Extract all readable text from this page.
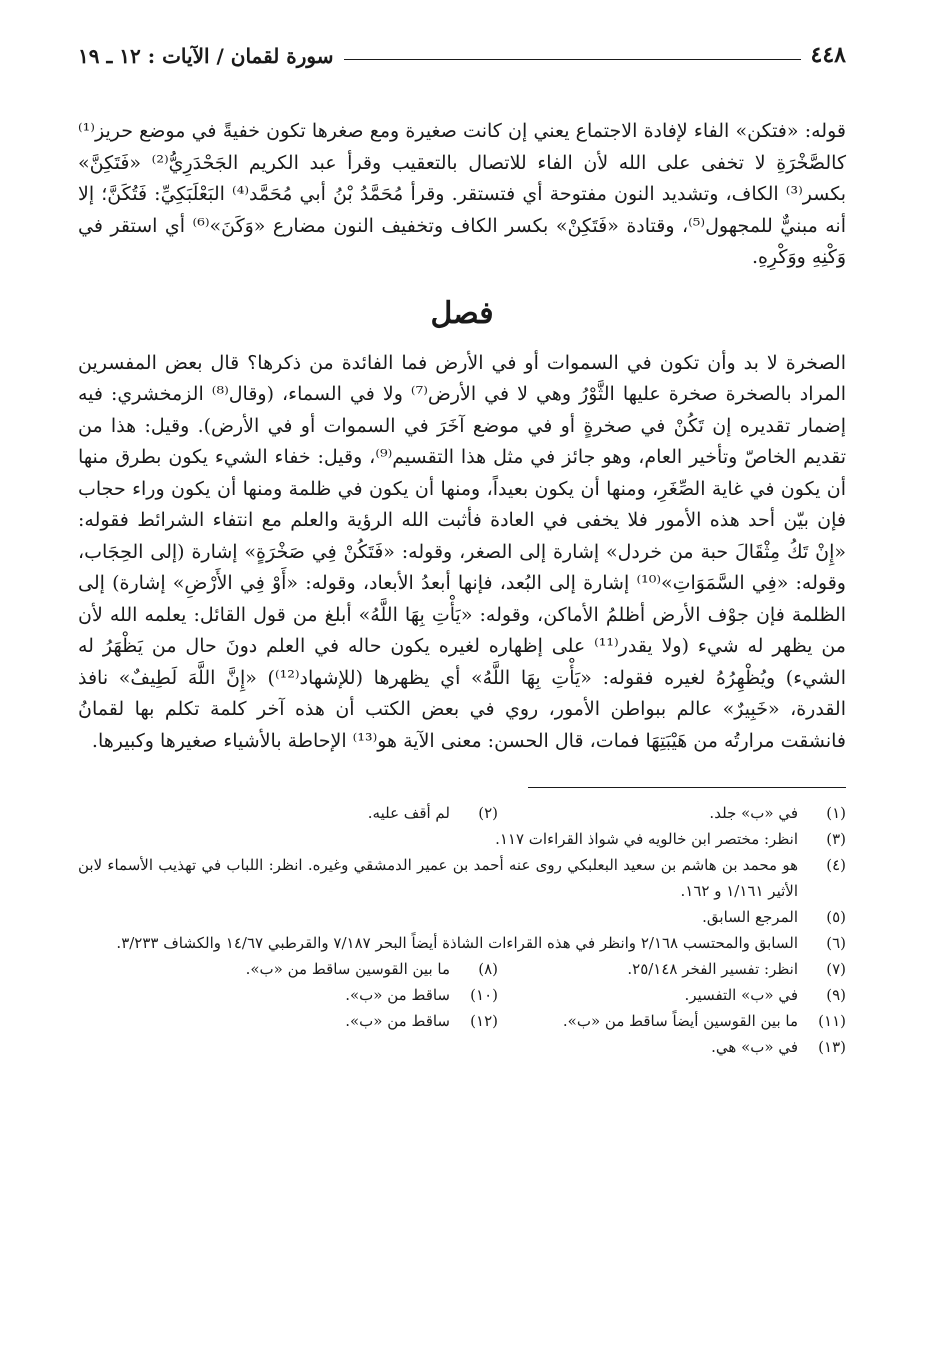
٤٤٨
سورة لقمان / الآيات : ١٢ ـ ١٩

قوله: «فتكن» الفاء لإفادة الاجتماع يعني إن كانت صغيرة ومع صغرها تكون خفيةً في موضع حريز⁽¹⁾ كالصَّخْرَةِ لا تخفى على الله لأن الفاء للاتصال بالتعقيب وقرأ عبد الكريم الجَحْدَرِيُّ⁽²⁾ «فَتَكِنَّ» بكسر⁽³⁾ الكاف، وتشديد النون مفتوحة أي فتستقر. وقرأ مُحَمَّدُ بْنُ أبي مُحَمَّد⁽⁴⁾ البَعْلَبَكِيِّ: فَتُكَنَّ؛ إلا أنه مبنيٌّ للمجهول⁽⁵⁾، وقتادة «فَتَكِنْ» بكسر الكاف وتخفيف النون مضارع «وَكَنَ»⁽⁶⁾ أي استقر في وَكْنِهِ ووَكْرِهِ.

فصل

الصخرة لا بد وأن تكون في السموات أو في الأرض فما الفائدة من ذكرها؟ قال بعض المفسرين المراد بالصخرة صخرة عليها الثَّوْرُ وهي لا في الأرض⁽⁷⁾ ولا في السماء، (وقال⁽⁸⁾ الزمخشري: فيه إضمار تقديره إن تَكُنْ في صخرةٍ أو في موضع آخَرَ في السموات أو في الأرض). وقيل: هذا من تقديم الخاصّ وتأخير العام، وهو جائز في مثل هذا التقسيم⁽⁹⁾، وقيل: خفاء الشيء يكون بطرق منها أن يكون في غاية الصِّغَرِ، ومنها أن يكون بعيداً، ومنها أن يكون في ظلمة ومنها أن يكون وراء حجاب فإن بيّن أحد هذه الأمور فلا يخفى في العادة فأثبت الله الرؤية والعلم مع انتفاء الشرائط فقوله: «إِنْ تَكُ مِثْقَالَ حبة من خردل» إشارة إلى الصغر، وقوله: «فَتَكُنْ فِي صَخْرَةٍ» إشارة (إلى الحِجَاب، وقوله: «فِي السَّمَوَاتِ»⁽¹⁰⁾ إشارة إلى البُعد، فإنها أبعدُ الأبعاد، وقوله: «أَوْ فِي الأَرْضِ» إشارة) إلى الظلمة فإن جوْف الأرض أظلمُ الأماكن، وقوله: «يَأْتِ بِهَا اللَّهُ» أبلغ من قول القائل: يعلمه الله لأن من يظهر له شيء (ولا يقدر⁽¹¹⁾ على إظهاره لغيره يكون حاله في العلم دونَ حال من يَظْهَرُ له الشيء) ويُظْهِرُهُ لغيره فقوله: «يَأْتِ بِهَا اللَّهُ» أي يظهرها (للإشهاد⁽¹²⁾) «إِنَّ اللَّهَ لَطِيفٌ» نافذ القدرة، «خَبِيرٌ» عالم ببواطن الأمور، روي في بعض الكتب أن هذه آخر كلمة تكلم بها لقمانُ فانشقت مرارتُه من هَيْبَتِهَا فمات، قال الحسن: معنى الآية هو⁽¹³⁾ الإحاطة بالأشياء صغيرها وكبيرها.

(١)
في «ب» جلد.
(٢)
لم أقف عليه.
(٣)
انظر: مختصر ابن خالويه في شواذ القراءات ١١٧.
(٤)
هو محمد بن هاشم بن سعيد البعلبكي روى عنه أحمد بن عمير الدمشقي وغيره. انظر: اللباب في تهذيب الأسماء لابن الأثير ١/١٦١ و ١٦٢.
(٥)
المرجع السابق.
(٦)
السابق والمحتسب ٢/١٦٨ وانظر في هذه القراءات الشاذة أيضاً البحر ٧/١٨٧ والقرطبي ١٤/٦٧ والكشاف ٣/٢٣٣.
(٧)
انظر: تفسير الفخر ٢٥/١٤٨.
(٨)
ما بين القوسين ساقط من «ب».
(٩)
في «ب» التفسير.
(١٠)
ساقط من «ب».
(١١)
ما بين القوسين أيضاً ساقط من «ب».
(١٢)
ساقط من «ب».
(١٣)
في «ب» هي.
